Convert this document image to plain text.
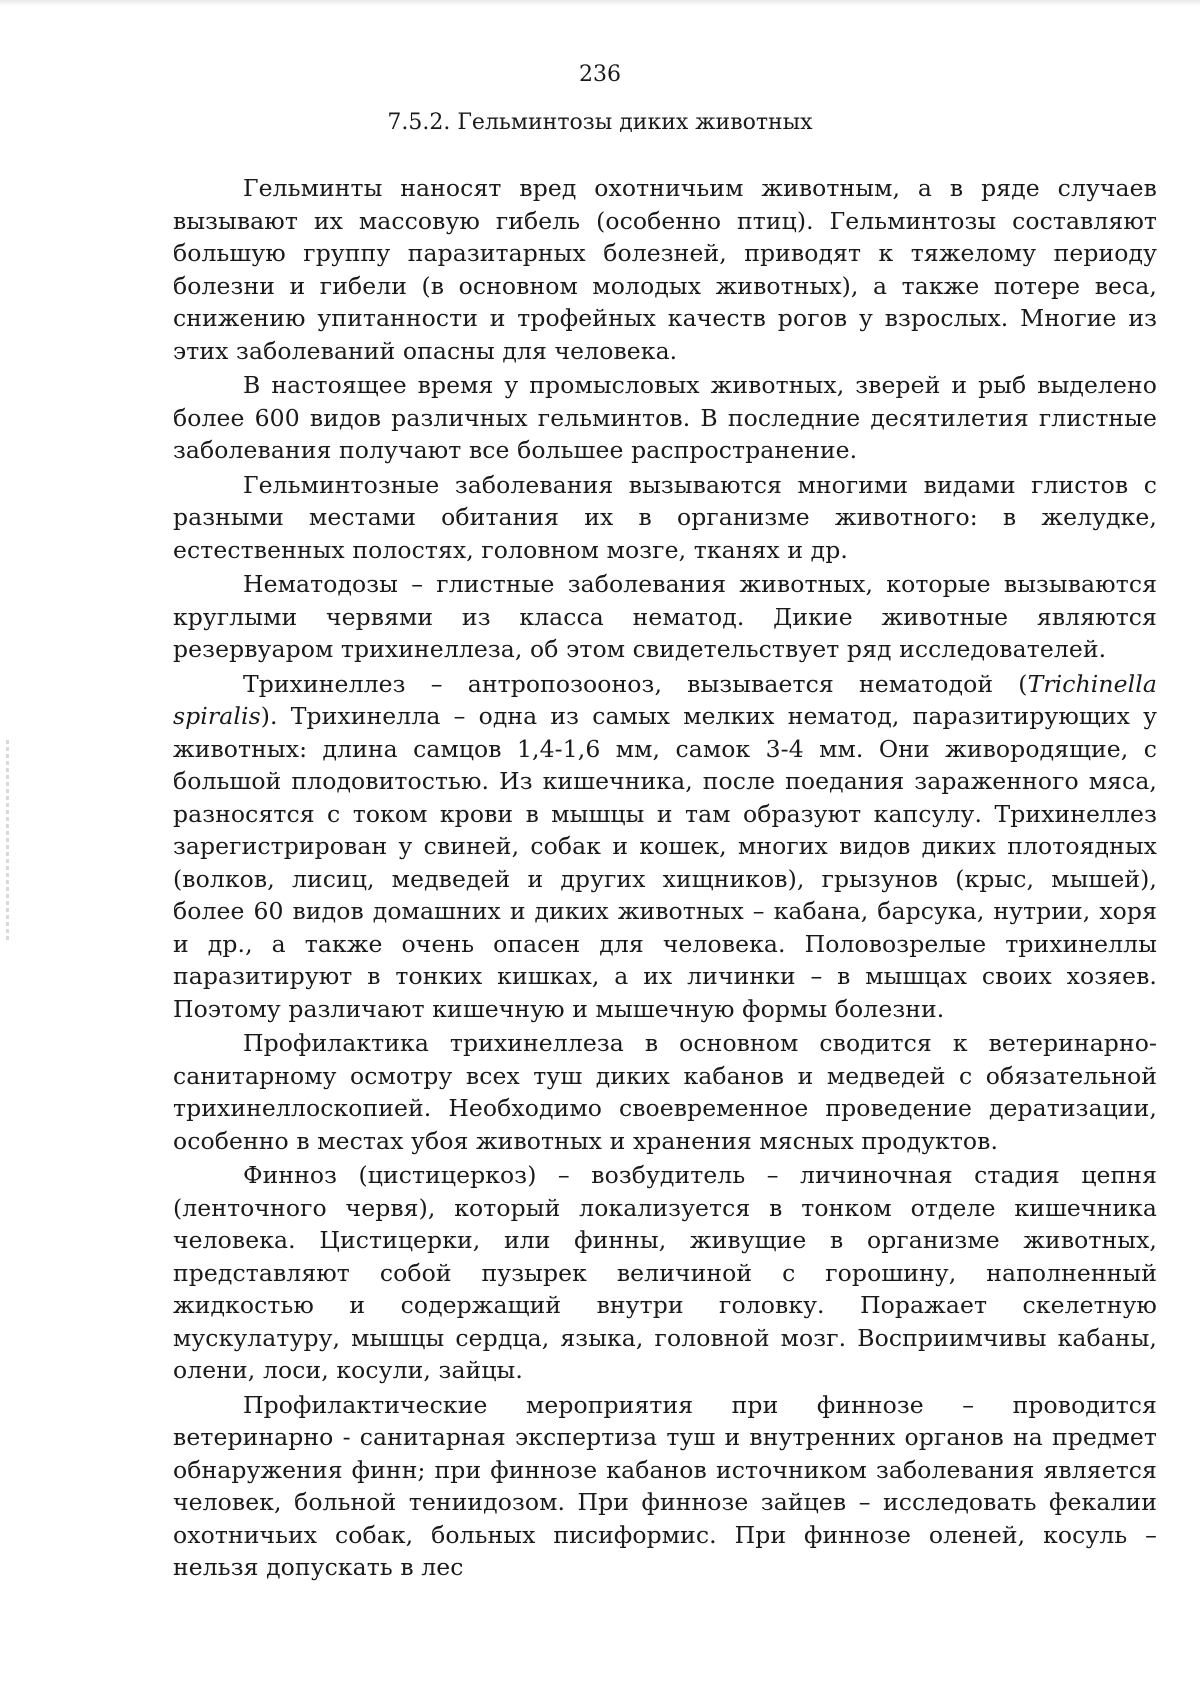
236
7.5.2. Гельминтозы диких животных

Гельминты наносят вред охотничьим животным, а в ряде случаев вызывают их массовую гибель (особенно птиц). Гельминтозы составляют большую группу паразитарных болезней, приводят к тяжелому периоду болезни и гибели (в основном молодых животных), а также потере веса, снижению упитанности и трофейных качеств рогов у взрослых. Многие из этих заболеваний опасны для человека.

В настоящее время у промысловых животных, зверей и рыб выделено более 600 видов различных гельминтов. В последние десятилетия глистные заболевания получают все большее распространение.

Гельминтозные заболевания вызываются многими видами глистов с разными местами обитания их в организме животного: в желудке, естественных полостях, головном мозге, тканях и др.

Нематодозы – глистные заболевания животных, которые вызываются круглыми червями из класса нематод. Дикие животные являются резервуаром трихинеллеза, об этом свидетельствует ряд исследователей.

Трихинеллез – антропозооноз, вызывается нематодой (Trichinella spiralis). Трихинелла – одна из самых мелких нематод, паразитирующих у животных: длина самцов 1,4-1,6 мм, самок 3-4 мм. Они живородящие, с большой плодовитостью. Из кишечника, после поедания зараженного мяса, разносятся с током крови в мышцы и там образуют капсулу. Трихинеллез зарегистрирован у свиней, собак и кошек, многих видов диких плотоядных (волков, лисиц, медведей и других хищников), грызунов (крыс, мышей), более 60 видов домашних и диких животных – кабана, барсука, нутрии, хоря и др., а также очень опасен для человека. Половозрелые трихинеллы паразитируют в тонких кишках, а их личинки – в мышцах своих хозяев. Поэтому различают кишечную и мышечную формы болезни.

Профилактика трихинеллеза в основном сводится к ветеринарно-санитарному осмотру всех туш диких кабанов и медведей с обязательной трихинеллоскопией. Необходимо своевременное проведение дератизации, особенно в местах убоя животных и хранения мясных продуктов.

Финноз (цистицеркоз) – возбудитель – личиночная стадия цепня (ленточного червя), который локализуется в тонком отделе кишечника человека. Цистицерки, или финны, живущие в организме животных, представляют собой пузырек величиной с горошину, наполненный жидкостью и содержащий внутри головку. Поражает скелетную мускулатуру, мышцы сердца, языка, головной мозг. Восприимчивы кабаны, олени, лоси, косули, зайцы.

Профилактические мероприятия при финнозе – проводится ветеринарно - санитарная экспертиза туш и внутренних органов на предмет обнаружения финн; при финнозе кабанов источником заболевания является человек, больной тениидозом. При финнозе зайцев – исследовать фекалии охотничьих собак, больных писиформис. При финнозе оленей, косуль – нельзя допускать в лес
